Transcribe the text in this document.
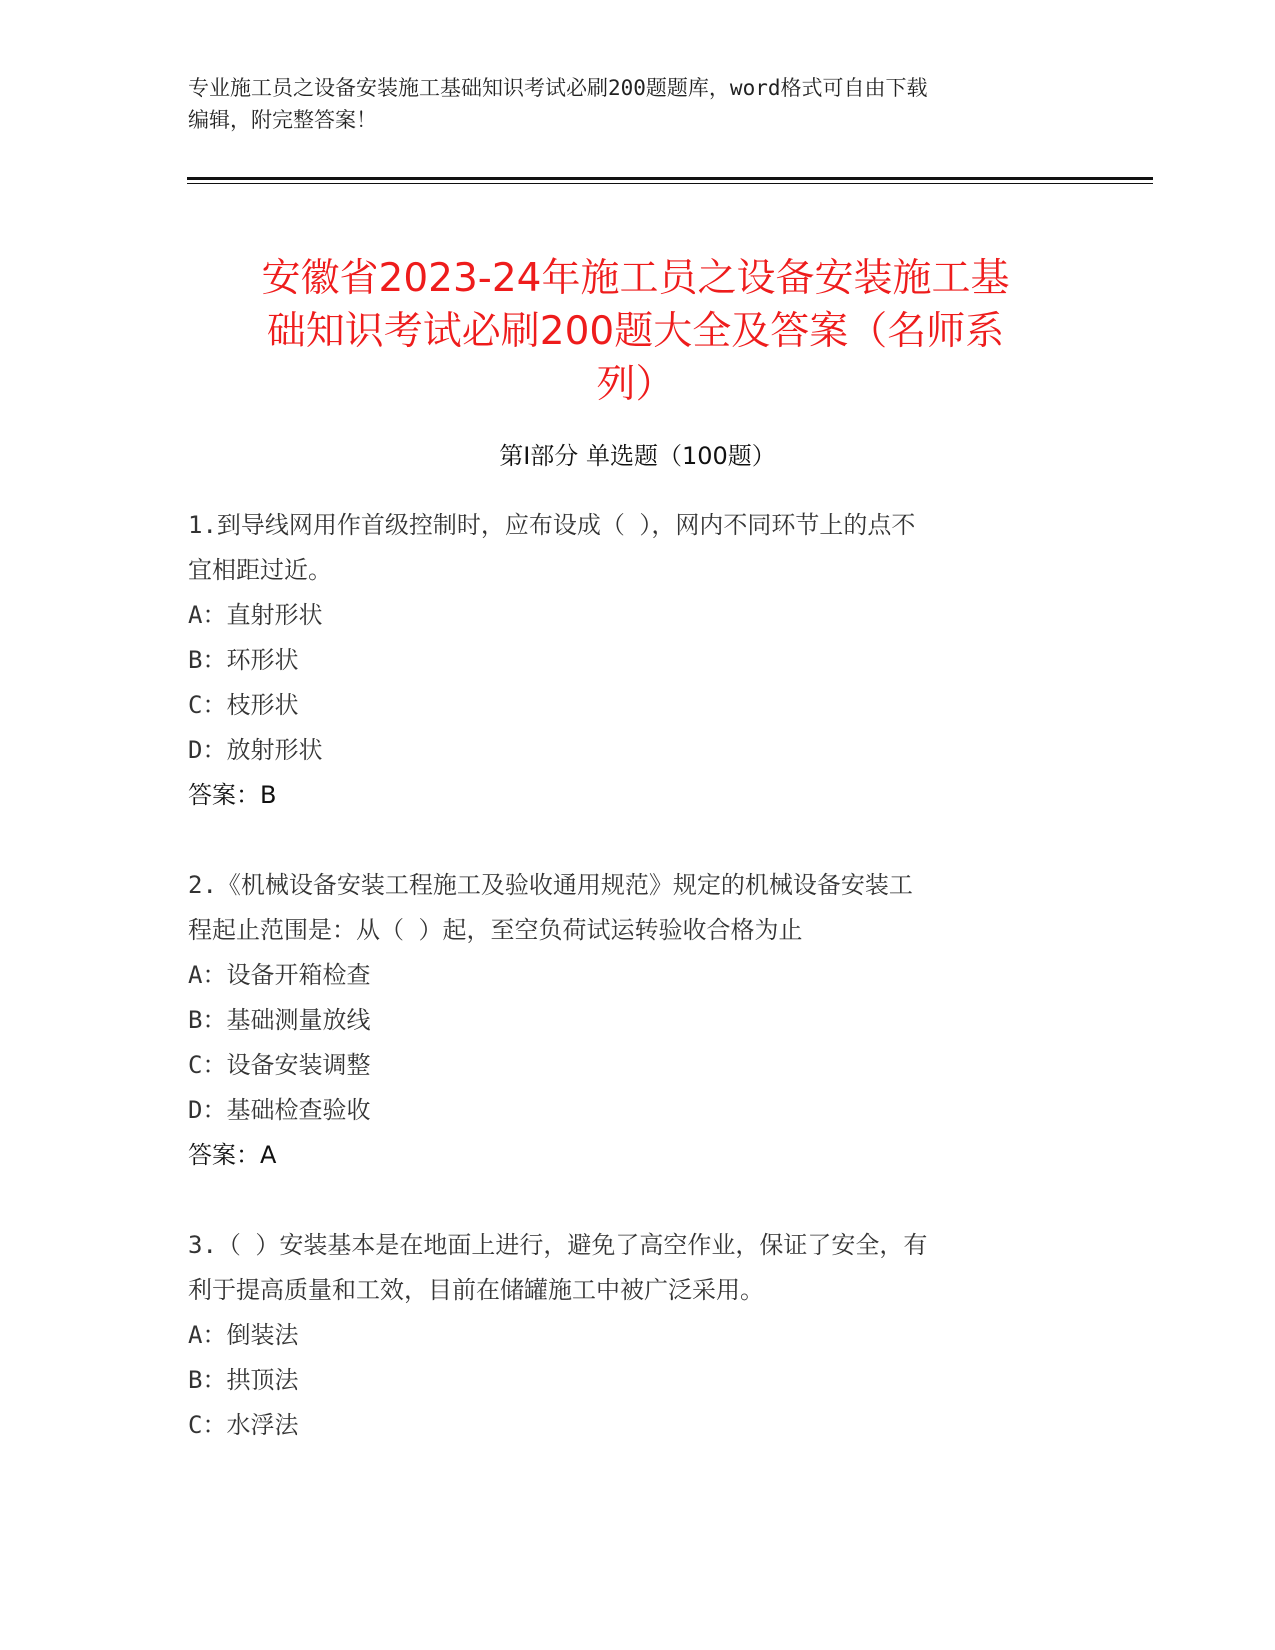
专业施工员之设备安装施工基础知识考试必刷200题题库，word格式可自由下载
编辑，附完整答案！
安徽省2023-24年施工员之设备安装施工基
础知识考试必刷200题大全及答案（名师系
列）
第Ⅰ部分 单选题（100题）
1.到导线网用作首级控制时，应布设成（ ），网内不同环节上的点不
宜相距过近。
A：直射形状
B：环形状
C：枝形状
D：放射形状
答案：B
2.《机械设备安装工程施工及验收通用规范》规定的机械设备安装工
程起止范围是：从（ ）起，至空负荷试运转验收合格为止
A：设备开箱检查
B：基础测量放线
C：设备安装调整
D：基础检查验收
答案：A
3.（ ）安装基本是在地面上进行，避免了高空作业，保证了安全，有
利于提高质量和工效，目前在储罐施工中被广泛采用。
A：倒装法
B：拱顶法
C：水浮法
